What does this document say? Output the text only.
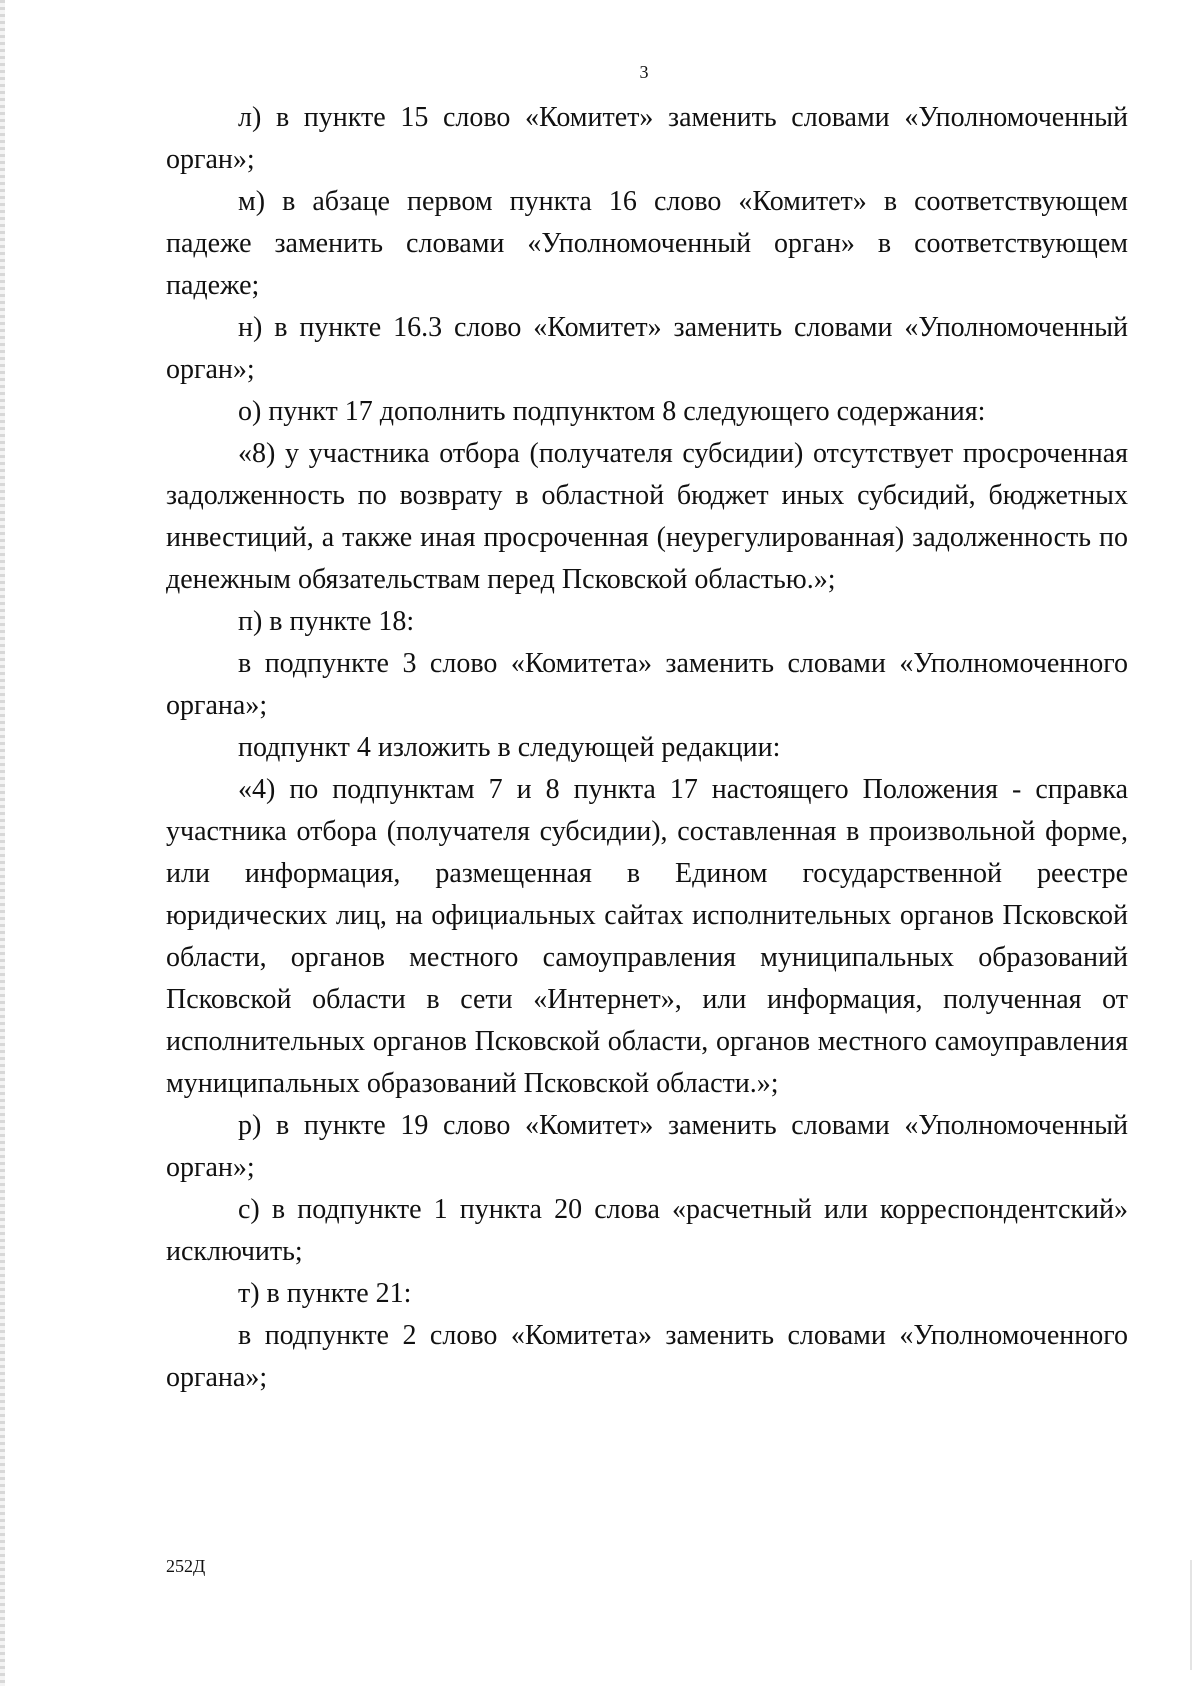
3

л) в пункте 15 слово «Комитет» заменить словами «Уполномоченный орган»;

м) в абзаце первом пункта 16 слово «Комитет» в соответствующем падеже заменить словами «Уполномоченный орган» в соответствующем падеже;

н) в пункте 16.3 слово «Комитет» заменить словами «Уполномоченный орган»;

о) пункт 17 дополнить подпунктом 8 следующего содержания:

«8) у участника отбора (получателя субсидии) отсутствует просроченная задолженность по возврату в областной бюджет иных субсидий, бюджетных инвестиций, а также иная просроченная (неурегулированная) задолженность по денежным обязательствам перед Псковской областью.»;

п) в пункте 18:

в подпункте 3 слово «Комитета» заменить словами «Уполномоченного органа»;

подпункт 4 изложить в следующей редакции:

«4) по подпунктам 7 и 8 пункта 17 настоящего Положения - справка участника отбора (получателя субсидии), составленная в произвольной форме, или информация, размещенная в Едином государственной реестре юридических лиц, на официальных сайтах исполнительных органов Псковской области, органов местного самоуправления муниципальных образований Псковской области в сети «Интернет», или информация, полученная от исполнительных органов Псковской области, органов местного самоуправления муниципальных образований Псковской области.»;

р) в пункте 19 слово «Комитет» заменить словами «Уполномоченный орган»;

с) в подпункте 1 пункта 20 слова «расчетный или корреспондентский» исключить;

т) в пункте 21:

в подпункте 2 слово «Комитета» заменить словами «Уполномоченного органа»;

252Д
